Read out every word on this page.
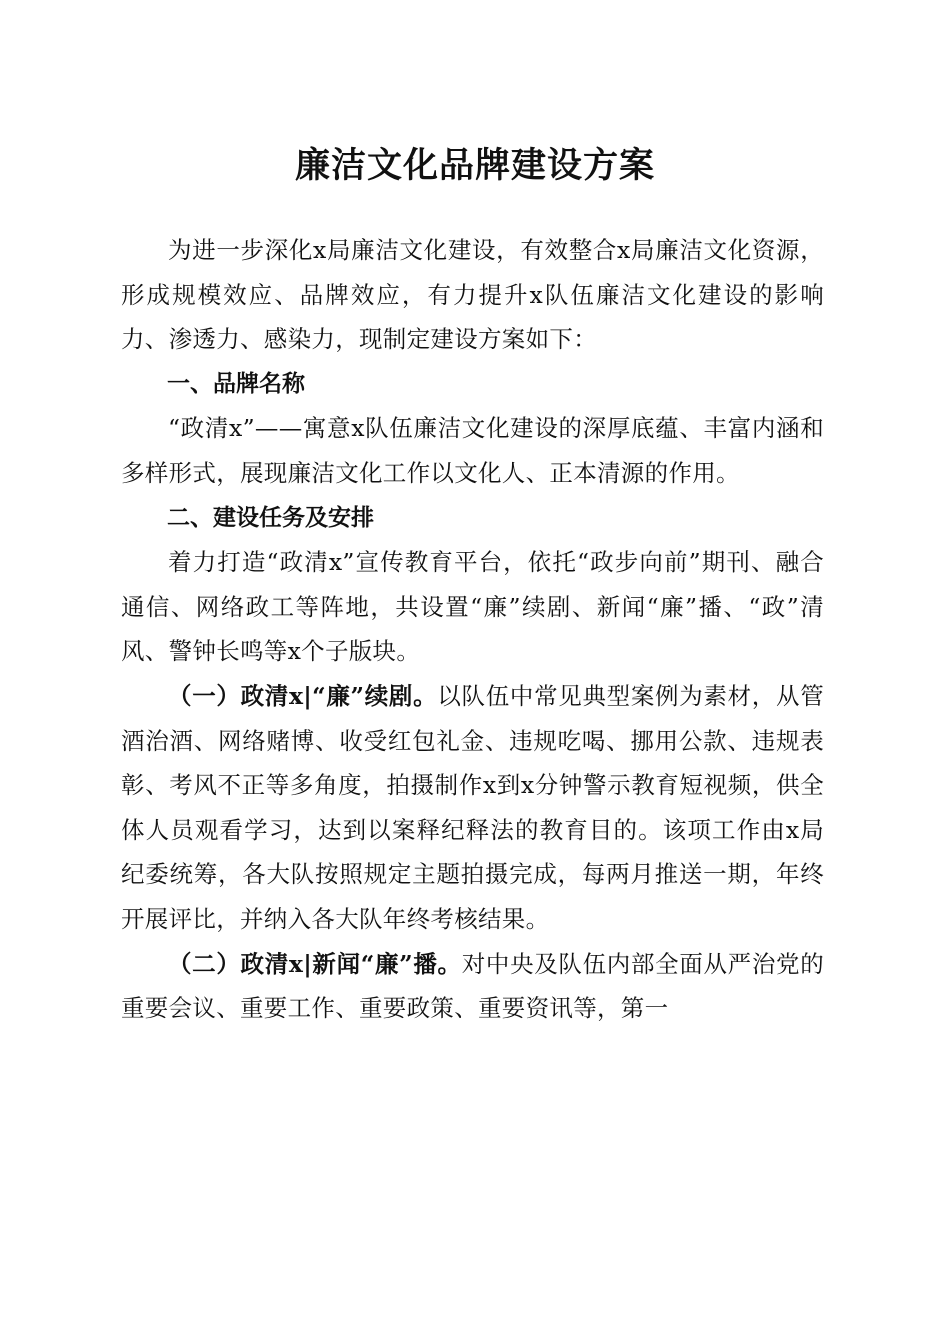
廉洁文化品牌建设方案

为进一步深化x局廉洁文化建设，有效整合x局廉洁文化资源，形成规模效应、品牌效应，有力提升x队伍廉洁文化建设的影响力、渗透力、感染力，现制定建设方案如下：

一、品牌名称

“政清x”——寓意x队伍廉洁文化建设的深厚底蕴、丰富内涵和多样形式，展现廉洁文化工作以文化人、正本清源的作用。

二、建设任务及安排

着力打造“政清x”宣传教育平台，依托“政步向前”期刊、融合通信、网络政工等阵地，共设置“廉”续剧、新闻“廉”播、“政”清风、警钟长鸣等x个子版块。

（一）政清x|“廉”续剧。以队伍中常见典型案例为素材，从管酒治酒、网络赌博、收受红包礼金、违规吃喝、挪用公款、违规表彰、考风不正等多角度，拍摄制作x到x分钟警示教育短视频，供全体人员观看学习，达到以案释纪释法的教育目的。该项工作由x局纪委统筹，各大队按照规定主题拍摄完成，每两月推送一期，年终开展评比，并纳入各大队年终考核结果。

（二）政清x|新闻“廉”播。对中央及队伍内部全面从严治党的重要会议、重要工作、重要政策、重要资讯等，第一
